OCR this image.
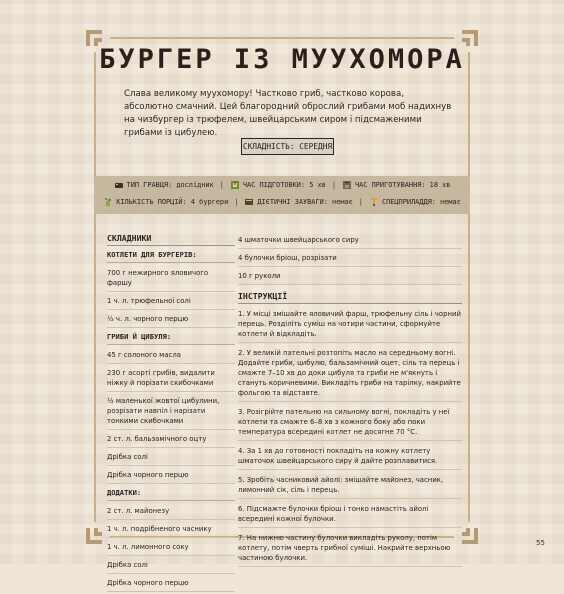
БУРГЕР ІЗ МУУХОМОРА
Слава великому мууxомору! Частково гриб, частково корова, абсолютно смачний. Цей благородний оброслий грибами моб надихнув на чизбургер із трюфелем, швейцарським сиром і підсмаженими грибами із цибулею.
СКЛАДНІСТЬ: СЕРЕДНЯ
ТИП ГРАВЦЯ: дослідник |	ЧАС ПІДГОТОВКИ: 5 хв |	ЧАС ПРИГОТУВАННЯ: 18 хв
КІЛЬКІСТЬ ПОРЦІЙ: 4 бургери |	ДІЄТИЧНІ ЗАУВАГИ: немає |	СПЕЦПРИЛАДДЯ: немає
СКЛАДНИКИ
КОТЛЕТИ ДЛЯ БУРГЕРІВ:
700 г нежирного яловичого фаршу
1 ч. л. трюфельної солі
½ ч. л. чорного перцю
ГРИБИ Й ЦИБУЛЯ:
45 г солоного масла
230 г асорті грибів, видалити ніжку й порізати скибочками
½ маленької жовтої цибулини, розрізати навпіл і нарізати тонкими скибочками
2 ст. л. бальзамічного оцту
Дрібка солі
Дрібка чорного перцю
ДОДАТКИ:
2 ст. л. майонезу
1 ч. л. подрібненого часнику
1 ч. л. лимонного соку
Дрібка солі
Дрібка чорного перцю
4 шматочки швейцарського сиру
4 булочки бріош, розрізати
10 г руколи
ІНСТРУКЦІЇ
1. У місці змішайте яловичий фарш, трюфельну сіль і чорний перець. Розділіть суміш на чотири частини, сформуйте котлети й відкладіть.
2. У великій пательні розтопіть масло на середньому вогні. Додайте гриби, цибулю, бальзамічний оцет, сіль та перець і смажте 7–10 хв до доки цибуля та гриби не м'якнуть і стануть коричневими. Викладіть гриби на тарілку, накрийте фольгою та відставте.
3. Розігрійте пательню на сильному вогні, покладіть у неї котлети та смажте 6–8 хв з кожного боку або поки температура всередині котлет не досягне 70 °С.
4. За 1 хв до готовності покладіть на кожну котлету шматочок швейцарського сиру й дайте розплавитися.
5. Зробіть часниковий айолі: змішайте майонез, часник, лимонний сік, сіль і перець.
6. Підсмажте булочки бріош і тонко намастіть айолі всередині кожної булочки.
7. На нижню частину булочки викладіть руколу, потім котлету, потім чверть грибної суміші. Накрийте верхньою частиною булочки.
55
